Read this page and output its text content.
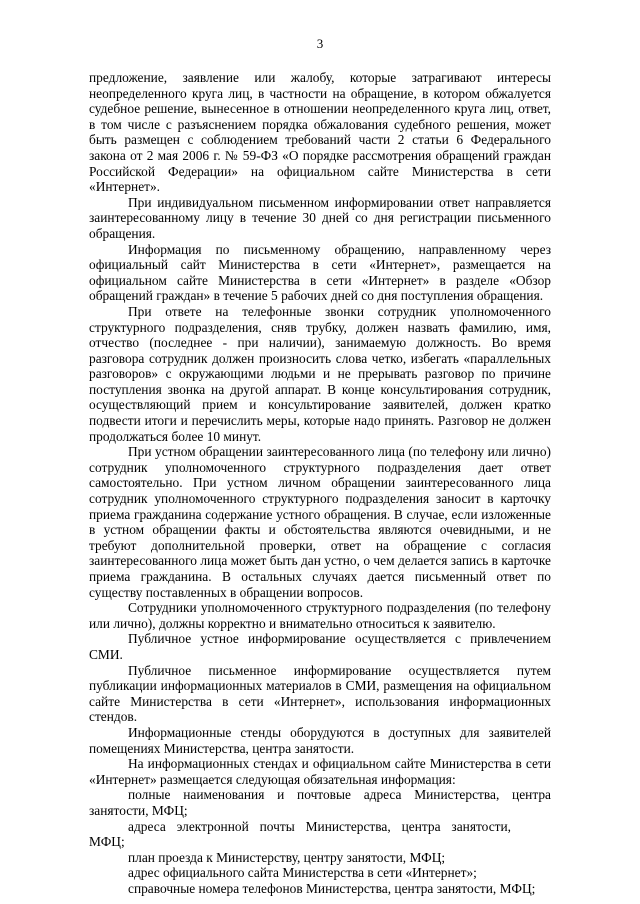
3

предложение, заявление или жалобу, которые затрагивают интересы неопределенного круга лиц, в частности на обращение, в котором обжалуется судебное решение, вынесенное в отношении неопределенного круга лиц, ответ, в том числе с разъяснением порядка обжалования судебного решения, может быть размещен с соблюдением требований части 2 статьи 6 Федерального закона от 2 мая 2006 г. № 59-ФЗ «О порядке рассмотрения обращений граждан Российской Федерации» на официальном сайте Министерства в сети «Интернет».

При индивидуальном письменном информировании ответ направляется заинтересованному лицу в течение 30 дней со дня регистрации письменного обращения.

Информация по письменному обращению, направленному через официальный сайт Министерства в сети «Интернет», размещается на официальном сайте Министерства в сети «Интернет» в разделе «Обзор обращений граждан» в течение 5 рабочих дней со дня поступления обращения.

При ответе на телефонные звонки сотрудник уполномоченного структурного подразделения, сняв трубку, должен назвать фамилию, имя, отчество (последнее - при наличии), занимаемую должность. Во время разговора сотрудник должен произносить слова четко, избегать «параллельных разговоров» с окружающими людьми и не прерывать разговор по причине поступления звонка на другой аппарат. В конце консультирования сотрудник, осуществляющий прием и консультирование заявителей, должен кратко подвести итоги и перечислить меры, которые надо принять. Разговор не должен продолжаться более 10 минут.

При устном обращении заинтересованного лица (по телефону или лично) сотрудник уполномоченного структурного подразделения дает ответ самостоятельно. При устном личном обращении заинтересованного лица сотрудник уполномоченного структурного подразделения заносит в карточку приема гражданина содержание устного обращения. В случае, если изложенные в устном обращении факты и обстоятельства являются очевидными, и не требуют дополнительной проверки, ответ на обращение с согласия заинтересованного лица может быть дан устно, о чем делается запись в карточке приема гражданина. В остальных случаях дается письменный ответ по существу поставленных в обращении вопросов.

Сотрудники уполномоченного структурного подразделения (по телефону или лично), должны корректно и внимательно относиться к заявителю.

Публичное устное информирование осуществляется с привлечением СМИ.

Публичное письменное информирование осуществляется путем публикации информационных материалов в СМИ, размещения на официальном сайте Министерства в сети «Интернет», использования информационных стендов.

Информационные стенды оборудуются в доступных для заявителей помещениях Министерства, центра занятости.

На информационных стендах и официальном сайте Министерства в сети «Интернет» размещается следующая обязательная информация:

полные наименования и почтовые адреса Министерства, центра занятости, МФЦ;

адреса электронной почты Министерства, центра занятости, МФЦ;

план проезда к Министерству, центру занятости, МФЦ;

адрес официального сайта Министерства в сети «Интернет»;

справочные номера телефонов Министерства, центра занятости, МФЦ;
